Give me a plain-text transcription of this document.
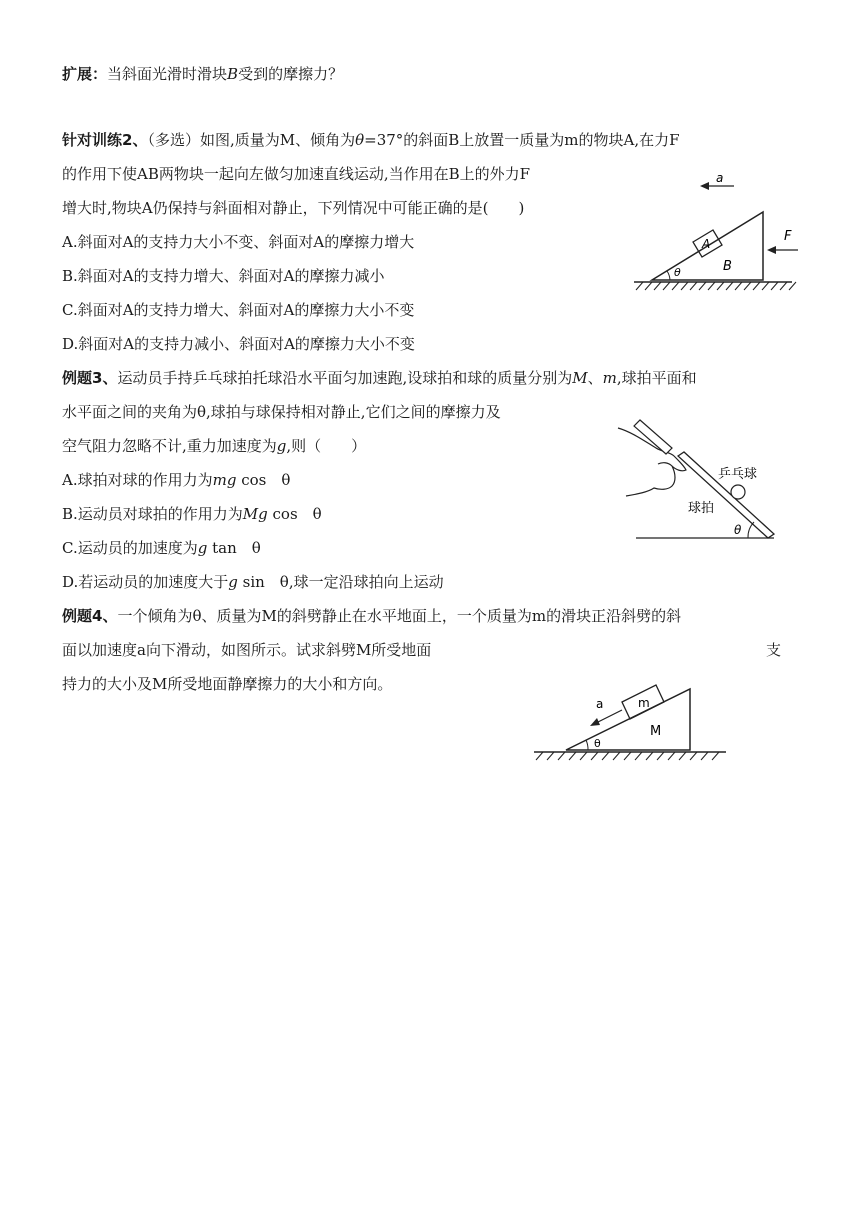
扩展：当斜面光滑时滑块B受到的摩擦力？
针对训练2、（多选）如图,质量为M、倾角为θ=37°的斜面B上放置一质量为m的物块A,在力F
的作用下使AB两物块一起向左做匀加速直线运动,当作用在B上的外力F
增大时,物块A仍保持与斜面相对静止，下列情况中可能正确的是(　　)
A.斜面对A的支持力大小不变、斜面对A的摩擦力增大
B.斜面对A的支持力增大、斜面对A的摩擦力减小
C.斜面对A的支持力增大、斜面对A的摩擦力大小不变
D.斜面对A的支持力减小、斜面对A的摩擦力大小不变
a
A
B
θ
F
例题3、运动员手持乒乓球拍托球沿水平面匀加速跑,设球拍和球的质量分别为M、m,球拍平面和
水平面之间的夹角为θ,球拍与球保持相对静止,它们之间的摩擦力及
空气阻力忽略不计,重力加速度为g,则（　　）
A.球拍对球的作用力为mg cos　θ
B.运动员对球拍的作用力为Mg cos　θ
C.运动员的加速度为g tan　θ
D.若运动员的加速度大于g sin　θ,球一定沿球拍向上运动
θ
乒乓球
球拍
例题4、一个倾角为θ、质量为M的斜劈静止在水平地面上，一个质量为m的滑块正沿斜劈的斜
面以加速度a向下滑动，如图所示。试求斜劈M所受地面	支
持力的大小及M所受地面静摩擦力的大小和方向。
M
m
a
θ
